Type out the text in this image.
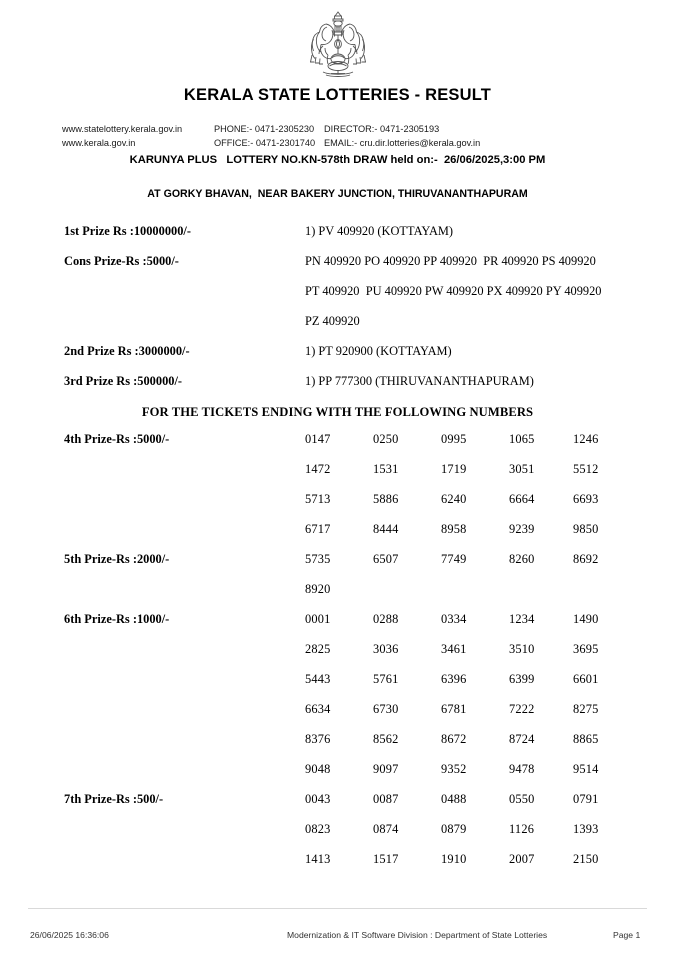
KERALA STATE LOTTERIES - RESULT
www.statelottery.kerala.gov.in	PHONE:- 0471-2305230	DIRECTOR:- 0471-2305193
www.kerala.gov.in	OFFICE:- 0471-2301740 EMAIL:- cru.dir.lotteries@kerala.gov.in
KARUNYA PLUS   LOTTERY NO.KN-578th DRAW held on:-  26/06/2025,3:00 PM
AT GORKY BHAVAN,  NEAR BAKERY JUNCTION, THIRUVANANTHAPURAM
1st Prize Rs :10000000/-	1) PV 409920 (KOTTAYAM)
Cons Prize-Rs :5000/-	PN 409920 PO 409920 PP 409920  PR 409920 PS 409920
PT 409920  PU 409920 PW 409920 PX 409920 PY 409920
PZ 409920
2nd Prize Rs :3000000/-	1) PT 920900 (KOTTAYAM)
3rd Prize Rs :500000/-	1) PP 777300 (THIRUVANANTHAPURAM)
FOR THE TICKETS ENDING WITH THE FOLLOWING NUMBERS
4th Prize-Rs :5000/-	0147	0250	0995	1065	1246
1472	1531	1719	3051	5512
5713	5886	6240	6664	6693
6717	8444	8958	9239	9850
5th Prize-Rs :2000/-	5735	6507	7749	8260	8692
8920
6th Prize-Rs :1000/-	0001	0288	0334	1234	1490
2825	3036	3461	3510	3695
5443	5761	6396	6399	6601
6634	6730	6781	7222	8275
8376	8562	8672	8724	8865
9048	9097	9352	9478	9514
7th Prize-Rs :500/-	0043	0087	0488	0550	0791
0823	0874	0879	1126	1393
1413	1517	1910	2007	2150
26/06/2025 16:36:06	Modernization & IT Software Division : Department of State Lotteries	Page 1
